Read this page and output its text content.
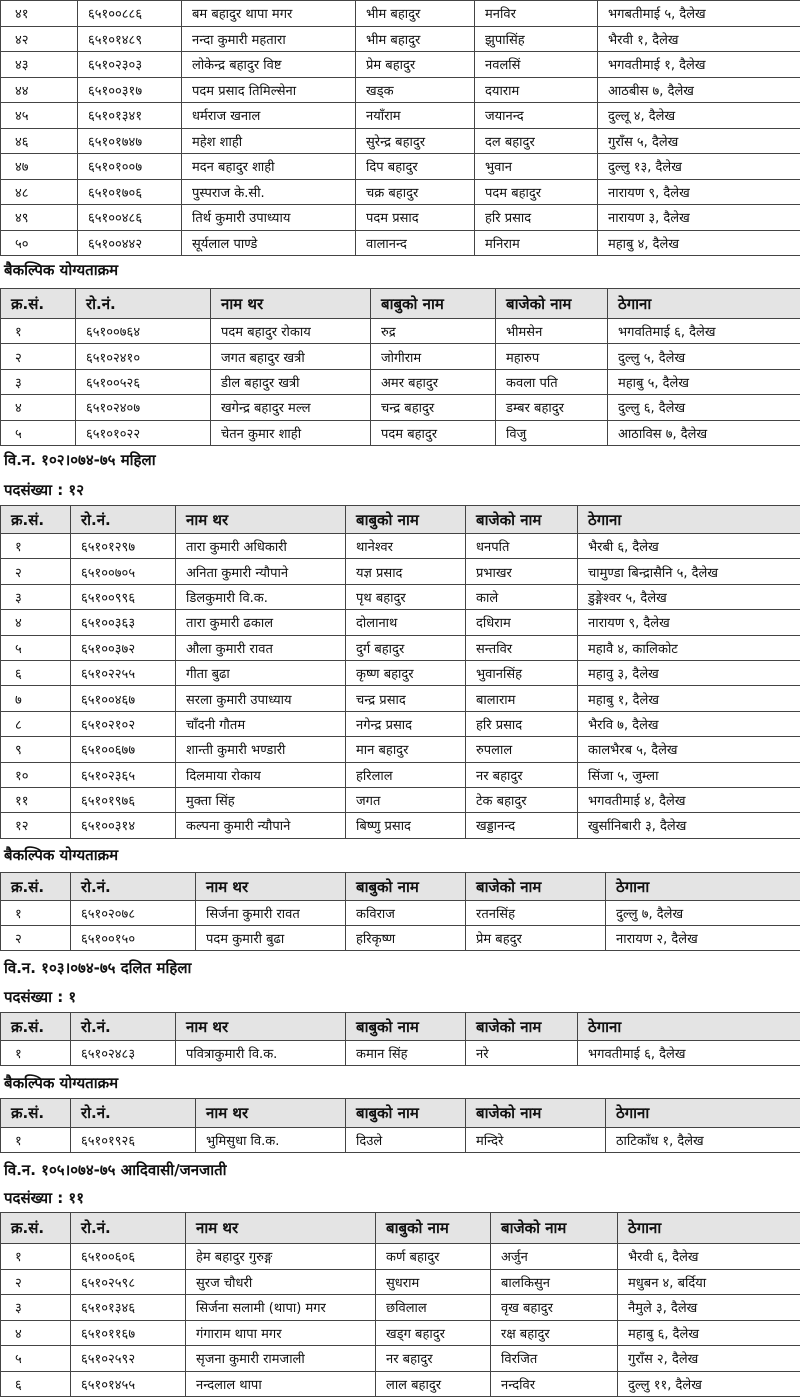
४१	६५१००८८६	बम बहादुर थापा मगर	भीम बहादुर	मनविर	भगबतीमाई ५, दैलेख
४२	६५१०१४८९	नन्दा कुमारी महतारा	भीम बहादुर	झुपासिंह	भैरवी १, दैलेख
४३	६५१०२३०३	लोकेन्द्र बहादुर विष्ट	प्रेम बहादुर	नवलसिं	भगवतीमाई १, दैलेख
४४	६५१००३१७	पदम प्रसाद तिमिल्सेना	खड्क	दयाराम	आठबीस ७, दैलेख
४५	६५१०१३४१	धर्मराज खनाल	नयाँराम	जयानन्द	दुल्लू ४, दैलेख
४६	६५१०१७४७	महेश शाही	सुरेन्द्र बहादुर	दल बहादुर	गुराँस ५, दैलेख
४७	६५१०१००७	मदन बहादुर शाही	दिप बहादुर	भुवान	दुल्लु १३, दैलेख
४८	६५१०१७०६	पुस्पराज के.सी.	चक्र बहादुर	पदम बहादुर	नारायण ९, दैलेख
४९	६५१००४८६	तिर्थ कुमारी उपाध्याय	पदम प्रसाद	हरि प्रसाद	नारायण ३, दैलेख
५०	६५१००४४२	सूर्यलाल पाण्डे	वालानन्द	मनिराम	महाबु ४, दैलेख
बैकल्पिक योग्यताक्रम
क्र.सं.	रो.नं.	नाम थर	बाबुको नाम	बाजेको नाम	ठेगाना
१	६५१००७६४	पदम बहादुर रोकाय	रुद्र	भीमसेन	भगवतिमाई ६, दैलेख
२	६५१०२४१०	जगत बहादुर खत्री	जोगीराम	महारुप	दुल्लु ५, दैलेख
३	६५१००५२६	डील बहादुर खत्री	अमर बहादुर	कवला पति	महाबु ५, दैलेख
४	६५१०२४०७	खगेन्द्र बहादुर मल्ल	चन्द्र बहादुर	डम्बर बहादुर	दुल्लु ६, दैलेख
५	६५१०१०२२	चेतन कुमार शाही	पदम बहादुर	विजु	आठाविस ७, दैलेख
वि.न. १०२।०७४-७५ महिला
पदसंख्या : १२
क्र.सं.	रो.नं.	नाम थर	बाबुको नाम	बाजेको नाम	ठेगाना
१	६५१०१२९७	तारा कुमारी अधिकारी	थानेश्वर	धनपति	भैरबी ६, दैलेख
२	६५१००७०५	अनिता कुमारी न्यौपाने	यज्ञ प्रसाद	प्रभाखर	चामुण्डा बिन्द्रासैनि ५, दैलेख
३	६५१००९९६	डिलकुमारी वि.क.	पृथ बहादुर	काले	डुङ्गेश्वर ५, दैलेख
४	६५१००३६३	तारा कुमारी ढकाल	दोलानाथ	दधिराम	नारायण ९, दैलेख
५	६५१००३७२	औला कुमारी रावत	दुर्ग बहादुर	सन्तविर	महावै ४, कालिकोट
६	६५१०२२५५	गीता बुढा	कृष्ण बहादुर	भुवानसिंह	महावु ३, दैलेख
७	६५१००४६७	सरला कुमारी उपाध्याय	चन्द्र प्रसाद	बालाराम	महाबु १, दैलेख
८	६५१०२१०२	चाँदनी गौतम	नगेन्द्र प्रसाद	हरि प्रसाद	भैरवि ७, दैलेख
९	६५१००६७७	शान्ती कुमारी भण्डारी	मान बहादुर	रुपलाल	कालभैरब ५, दैलेख
१०	६५१०२३६५	दिलमाया रोकाय	हरिलाल	नर बहादुर	सिंजा ५, जुम्ला
११	६५१०१९७६	मुक्ता सिंह	जगत	टेक बहादुर	भगवतीमाई ४, दैलेख
१२	६५१००३१४	कल्पना कुमारी न्यौपाने	बिष्णु प्रसाद	खड्डानन्द	खुर्सानिबारी ३, दैलेख
बैकल्पिक योग्यताक्रम
क्र.सं.	रो.नं.	नाम थर	बाबुको नाम	बाजेको नाम	ठेगाना
१	६५१०२०७८	सिर्जना कुमारी रावत	कविराज	रतनसिंह	दुल्लु ७, दैलेख
२	६५१००१५०	पदम कुमारी बुढा	हरिकृष्ण	प्रेम बहदुर	नारायण २, दैलेख
वि.न. १०३।०७४-७५ दलित महिला
पदसंख्या : १
क्र.सं.	रो.नं.	नाम थर	बाबुको नाम	बाजेको नाम	ठेगाना
१	६५१०२४८३	पवित्राकुमारी वि.क.	कमान सिंह	नरे	भगवतीमाई ६, दैलेख
बैकल्पिक योग्यताक्रम
क्र.सं.	रो.नं.	नाम थर	बाबुको नाम	बाजेको नाम	ठेगाना
१	६५१०१९२६	भुमिसुधा वि.क.	दिउले	मन्दिरे	ठाटिकाँध १, दैलेख
वि.न. १०५।०७४-७५ आदिवासी/जनजाती
पदसंख्या : ११
क्र.सं.	रो.नं.	नाम थर	बाबुको नाम	बाजेको नाम	ठेगाना
१	६५१००६०६	हेम बहादुर गुरुङ्ग	कर्ण बहादुर	अर्जुन	भैरवी ६, दैलेख
२	६५१०२५९८	सुरज चौधरी	सुधराम	बालकिसुन	मधुबन ४, बर्दिया
३	६५१०१३४६	सिर्जना सलामी (थापा) मगर	छविलाल	वृख बहादुर	नैमुले ३, दैलेख
४	६५१०११६७	गंगाराम थापा मगर	खड्ग बहादुर	रक्ष बहादुर	महाबु ६, दैलेख
५	६५१०२५९२	सृजना कुमारी रामजाली	नर बहादुर	विरजित	गुराँस २, दैलेख
६	६५१०१४५५	नन्दलाल थापा	लाल बहादुर	नन्दविर	दुल्लु ११, दैलेख
